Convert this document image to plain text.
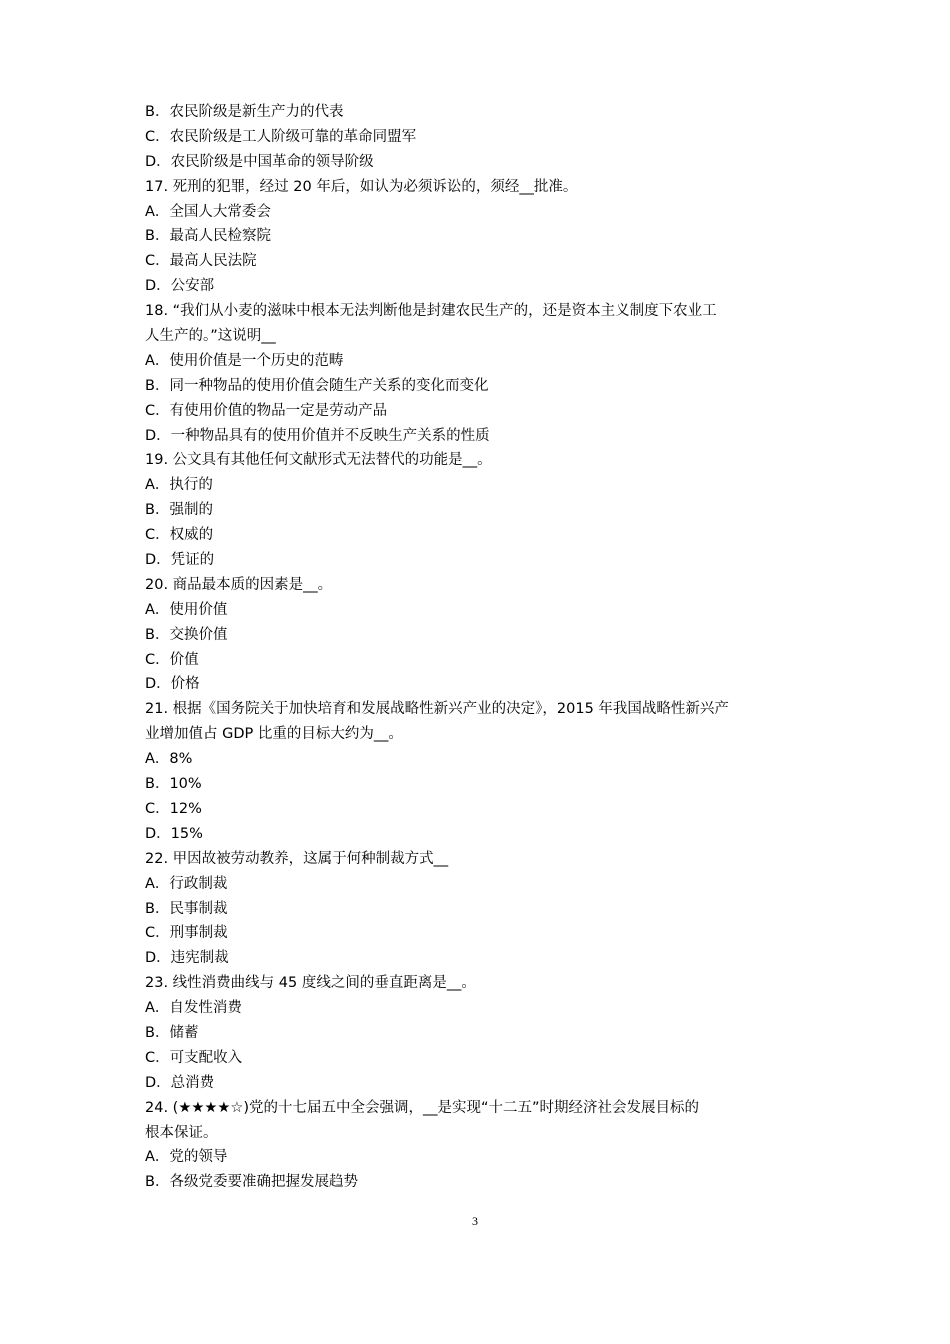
B．农民阶级是新生产力的代表
C．农民阶级是工人阶级可靠的革命同盟军
D．农民阶级是中国革命的领导阶级
17. 死刑的犯罪，经过 20 年后，如认为必须诉讼的，须经__批准。
A．全国人大常委会
B．最高人民检察院
C．最高人民法院
D．公安部
18. “我们从小麦的滋味中根本无法判断他是封建农民生产的，还是资本主义制度下农业工
人生产的。”这说明__
A．使用价值是一个历史的范畴
B．同一种物品的使用价值会随生产关系的变化而变化
C．有使用价值的物品一定是劳动产品
D．一种物品具有的使用价值并不反映生产关系的性质
19. 公文具有其他任何文献形式无法替代的功能是__。
A．执行的
B．强制的
C．权威的
D．凭证的
20. 商品最本质的因素是__。
A．使用价值
B．交换价值
C．价值
D．价格
21. 根据《国务院关于加快培育和发展战略性新兴产业的决定》，2015 年我国战略性新兴产
业增加值占 GDP 比重的目标大约为__。
A．8%
B．10%
C．12%
D．15%
22. 甲因故被劳动教养，这属于何种制裁方式__
A．行政制裁
B．民事制裁
C．刑事制裁
D．违宪制裁
23. 线性消费曲线与 45 度线之间的垂直距离是__。
A．自发性消费
B．储蓄
C．可支配收入
D．总消费
24. (★★★★☆)党的十七届五中全会强调，__是实现“十二五”时期经济社会发展目标的
根本保证。
A．党的领导
B．各级党委要准确把握发展趋势
3
